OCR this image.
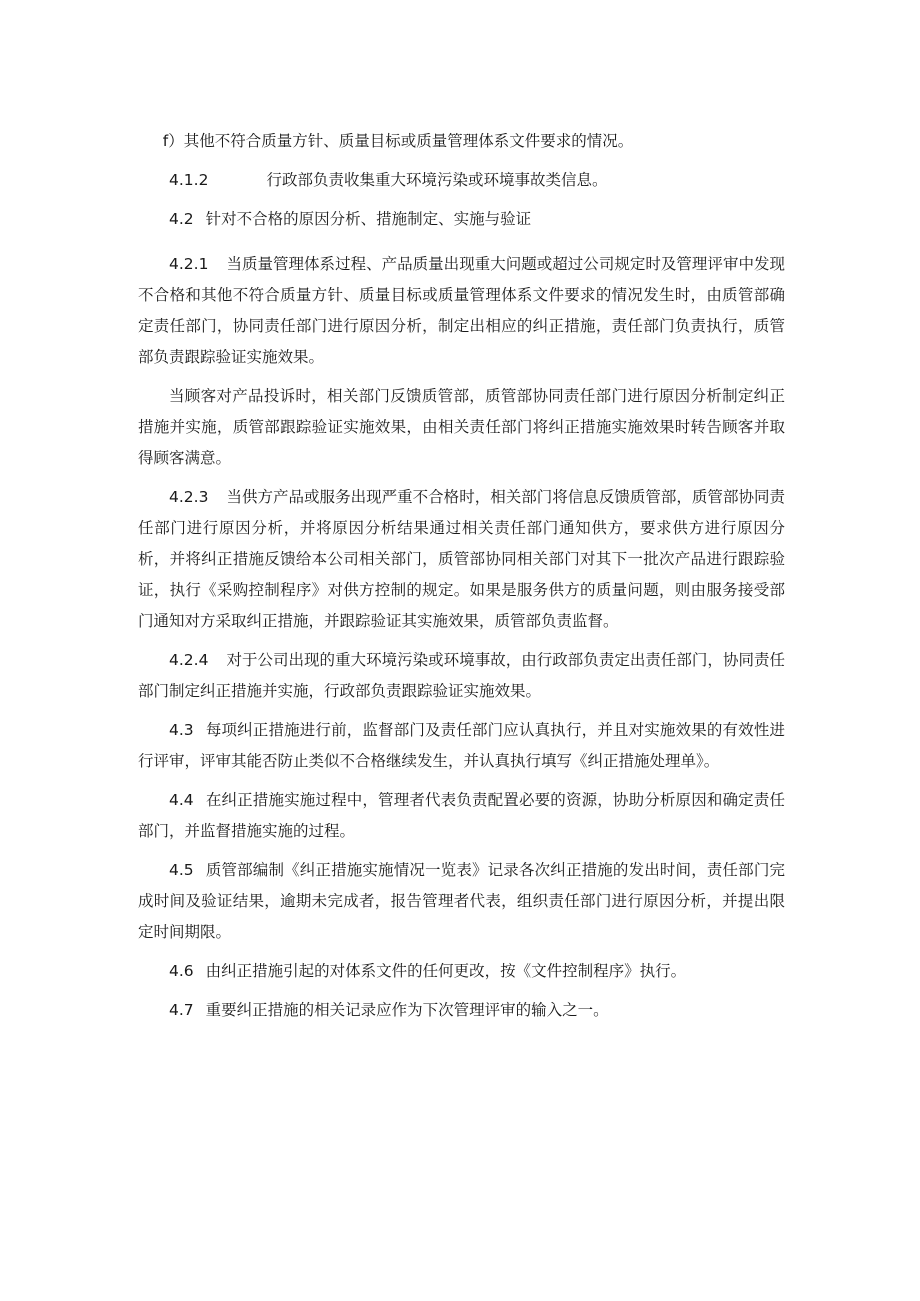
f）其他不符合质量方针、质量目标或质量管理体系文件要求的情况。

4.1.2	行政部负责收集重大环境污染或环境事故类信息。

4.2 针对不合格的原因分析、措施制定、实施与验证

4.2.1 当质量管理体系过程、产品质量出现重大问题或超过公司规定时及管理评审中发现不合格和其他不符合质量方针、质量目标或质量管理体系文件要求的情况发生时，由质管部确定责任部门，协同责任部门进行原因分析，制定出相应的纠正措施，责任部门负责执行，质管部负责跟踪验证实施效果。

当顾客对产品投诉时，相关部门反馈质管部，质管部协同责任部门进行原因分析制定纠正措施并实施，质管部跟踪验证实施效果，由相关责任部门将纠正措施实施效果时转告顾客并取得顾客满意。

4.2.3 当供方产品或服务出现严重不合格时，相关部门将信息反馈质管部，质管部协同责任部门进行原因分析，并将原因分析结果通过相关责任部门通知供方，要求供方进行原因分析，并将纠正措施反馈给本公司相关部门，质管部协同相关部门对其下一批次产品进行跟踪验证，执行《采购控制程序》对供方控制的规定。如果是服务供方的质量问题，则由服务接受部门通知对方采取纠正措施，并跟踪验证其实施效果，质管部负责监督。

4.2.4 对于公司出现的重大环境污染或环境事故，由行政部负责定出责任部门，协同责任部门制定纠正措施并实施，行政部负责跟踪验证实施效果。

4.3 每项纠正措施进行前，监督部门及责任部门应认真执行，并且对实施效果的有效性进行评审，评审其能否防止类似不合格继续发生，并认真执行填写《纠正措施处理单》。

4.4 在纠正措施实施过程中，管理者代表负责配置必要的资源，协助分析原因和确定责任部门，并监督措施实施的过程。

4.5 质管部编制《纠正措施实施情况一览表》记录各次纠正措施的发出时间，责任部门完成时间及验证结果，逾期未完成者，报告管理者代表，组织责任部门进行原因分析，并提出限定时间期限。

4.6 由纠正措施引起的对体系文件的任何更改，按《文件控制程序》执行。

4.7 重要纠正措施的相关记录应作为下次管理评审的输入之一。
